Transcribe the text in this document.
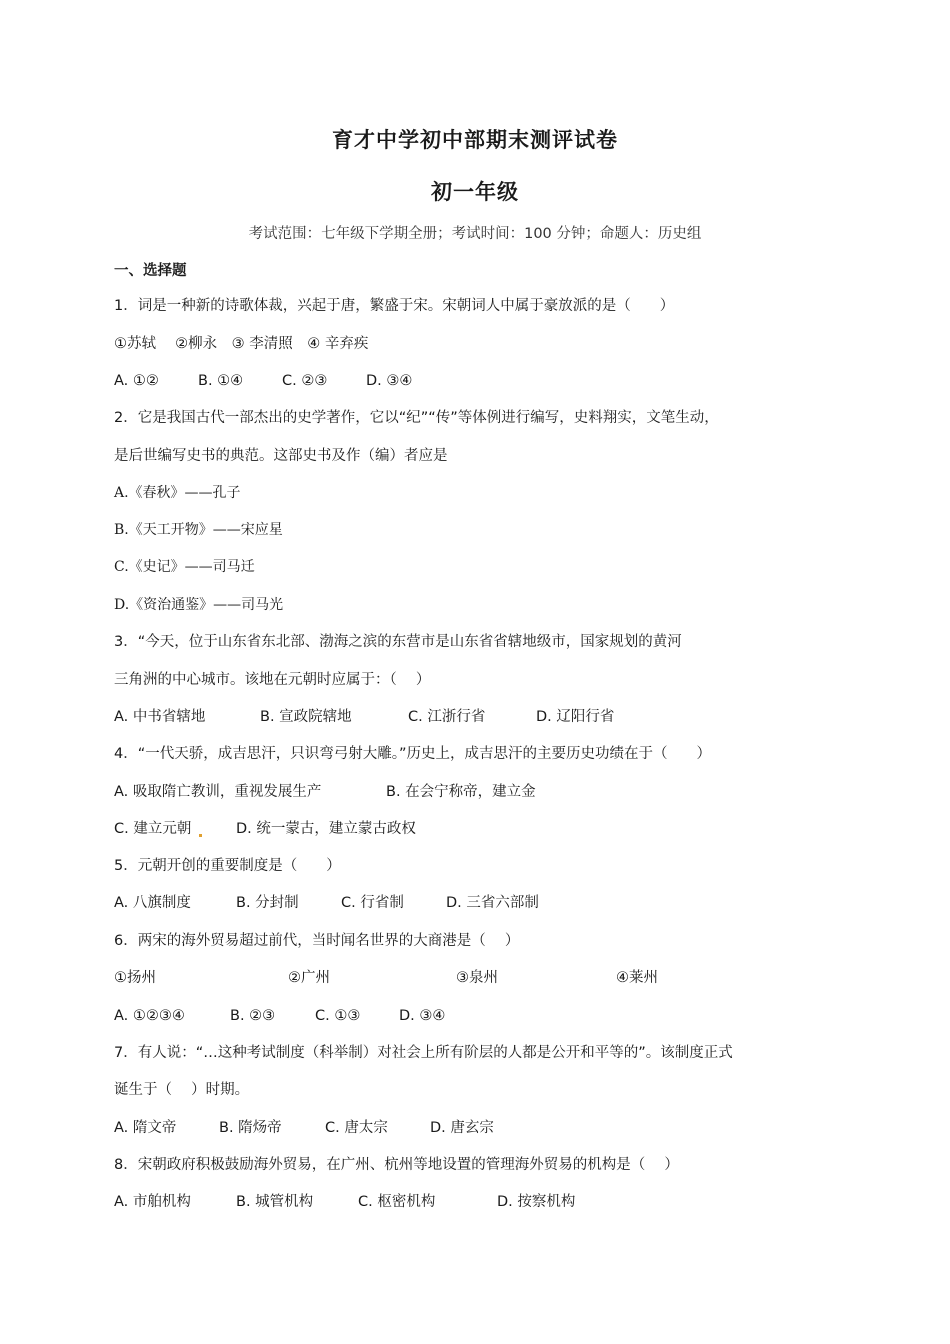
育才中学初中部期末测评试卷
初一年级
考试范围：七年级下学期全册；考试时间：100 分钟；命题人：历史组
一、选择题
1．词是一种新的诗歌体裁，兴起于唐，繁盛于宋。宋朝词人中属于豪放派的是（　　）
①苏轼　 ②柳永　③ 李清照　④ 辛弃疾
A. ①②	B. ①④	C. ②③	D. ③④
2．它是我国古代一部杰出的史学著作，它以“纪”“传”等体例进行编写，史料翔实，文笔生动，
是后世编写史书的典范。这部史书及作（编）者应是
A.《春秋》——孔子
B.《天工开物》——宋应星
C.《史记》——司马迁
D.《资治通鉴》——司马光
3．“今天，位于山东省东北部、渤海之滨的东营市是山东省省辖地级市，国家规划的黄河
三角洲的中心城市。该地在元朝时应属于：（　 ）
A. 中书省辖地	B. 宣政院辖地	C. 江浙行省	D. 辽阳行省
4．“一代天骄，成吉思汗，只识弯弓射大雕。”历史上，成吉思汗的主要历史功绩在于（　　）
A. 吸取隋亡教训，重视发展生产	B. 在会宁称帝，建立金
C. 建立元朝	D. 统一蒙古，建立蒙古政权
5．元朝开创的重要制度是（　　）
A. 八旗制度	B. 分封制	C. 行省制	D. 三省六部制
6．两宋的海外贸易超过前代，当时闻名世界的大商港是（　 ）
①扬州	②广州	③泉州	④莱州
A. ①②③④	B. ②③	C. ①③	D. ③④
7．有人说：“…这种考试制度（科举制）对社会上所有阶层的人都是公开和平等的”。该制度正式
诞生于（　 ）时期。
A. 隋文帝	B. 隋炀帝	C. 唐太宗	D. 唐玄宗
8．宋朝政府积极鼓励海外贸易，在广州、杭州等地设置的管理海外贸易的机构是（　 ）
A. 市舶机构	B. 城管机构	C. 枢密机构	D. 按察机构
